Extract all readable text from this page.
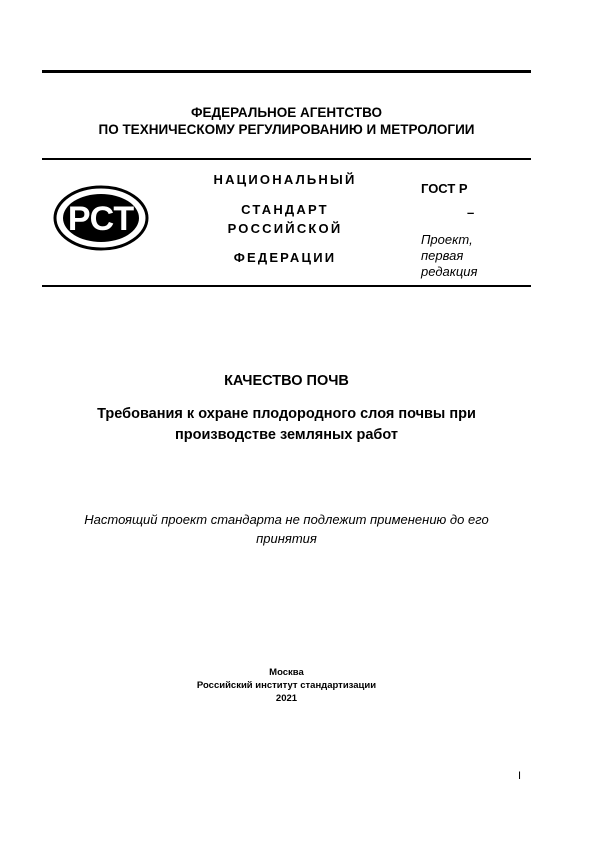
ФЕДЕРАЛЬНОЕ АГЕНТСТВО
ПО ТЕХНИЧЕСКОМУ РЕГУЛИРОВАНИЮ И МЕТРОЛОГИИ
РСТ
НАЦИОНАЛЬНЫЙ
СТАНДАРТ
РОССИЙСКОЙ
ФЕДЕРАЦИИ
ГОСТ Р
–
Проект,
первая
редакция
КАЧЕСТВО ПОЧВ
Требования к охране плодородного слоя почвы при
производстве земляных работ
Настоящий проект стандарта не подлежит применению до его
принятия
Москва
Российский институт стандартизации
2021
I
